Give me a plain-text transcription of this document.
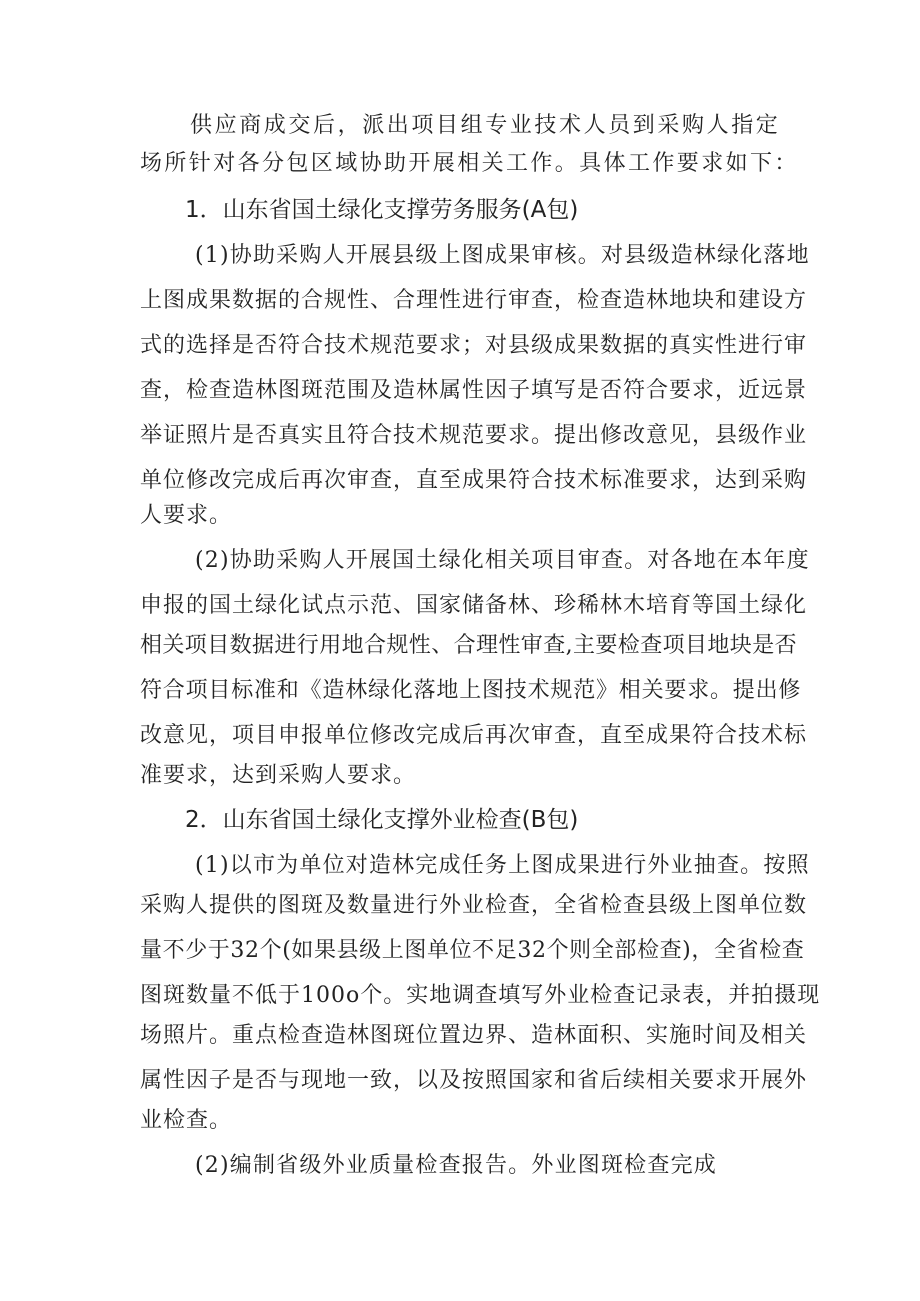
供应商成交后，派出项目组专业技术人员到采购人指定

场所针对各分包区域协助开展相关工作。具体工作要求如下：

1．山东省国土绿化支撑劳务服务(A包)

(1)协助采购人开展县级上图成果审核。对县级造林绿化落地

上图成果数据的合规性、合理性进行审查，检查造林地块和建设方

式的选择是否符合技术规范要求；对县级成果数据的真实性进行审

查，检查造林图斑范围及造林属性因子填写是否符合要求，近远景

举证照片是否真实且符合技术规范要求。提出修改意见，县级作业

单位修改完成后再次审查，直至成果符合技术标准要求，达到采购

人要求。

(2)协助采购人开展国土绿化相关项目审查。对各地在本年度

申报的国土绿化试点示范、国家储备林、珍稀林木培育等国土绿化

相关项目数据进行用地合规性、合理性审查,主要检查项目地块是否

符合项目标准和《造林绿化落地上图技术规范》相关要求。提出修

改意见，项目申报单位修改完成后再次审查，直至成果符合技术标

准要求，达到采购人要求。

2．山东省国土绿化支撑外业检查(B包)

(1)以市为单位对造林完成任务上图成果进行外业抽查。按照

采购人提供的图斑及数量进行外业检查，全省检查县级上图单位数

量不少于32个(如果县级上图单位不足32个则全部检查)，全省检查

图斑数量不低于100o个。实地调查填写外业检查记录表，并拍摄现

场照片。重点检查造林图斑位置边界、造林面积、实施时间及相关

属性因子是否与现地一致，以及按照国家和省后续相关要求开展外

业检查。

(2)编制省级外业质量检查报告。外业图斑检查完成
